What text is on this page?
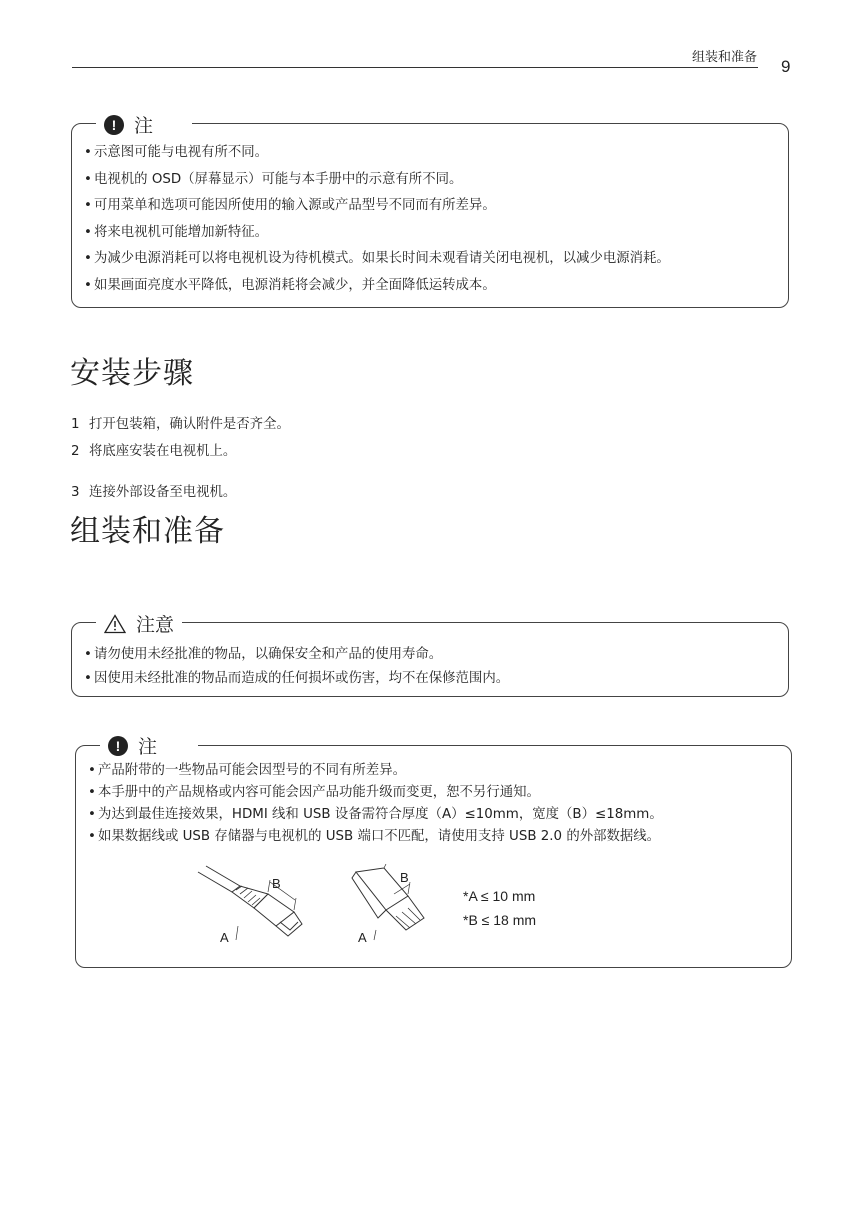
组装和准备 9
! 注
• 示意图可能与电视有所不同。
• 电视机的 OSD（屏幕显示）可能与本手册中的示意有所不同。
• 可用菜单和选项可能因所使用的输入源或产品型号不同而有所差异。
• 将来电视机可能增加新特征。
• 为减少电源消耗可以将电视机设为待机模式。如果长时间未观看请关闭电视机，以减少电源消耗。
• 如果画面亮度水平降低，电源消耗将会减少，并全面降低运转成本。
安装步骤
1 打开包装箱，确认附件是否齐全。
2 将底座安装在电视机上。
3 连接外部设备至电视机。
组装和准备
注意
• 请勿使用未经批准的物品，以确保安全和产品的使用寿命。
• 因使用未经批准的物品而造成的任何损坏或伤害，均不在保修范围内。
! 注
• 产品附带的一些物品可能会因型号的不同有所差异。
• 本手册中的产品规格或内容可能会因产品功能升级而变更，恕不另行通知。
• 为达到最佳连接效果，HDMI 线和 USB 设备需符合厚度（A）≤10mm，宽度（B）≤18mm。
• 如果数据线或 USB 存储器与电视机的 USB 端口不匹配，请使用支持 USB 2.0 的外部数据线。
B
A
B
A
*A ≤ 10 mm
*B ≤ 18 mm
